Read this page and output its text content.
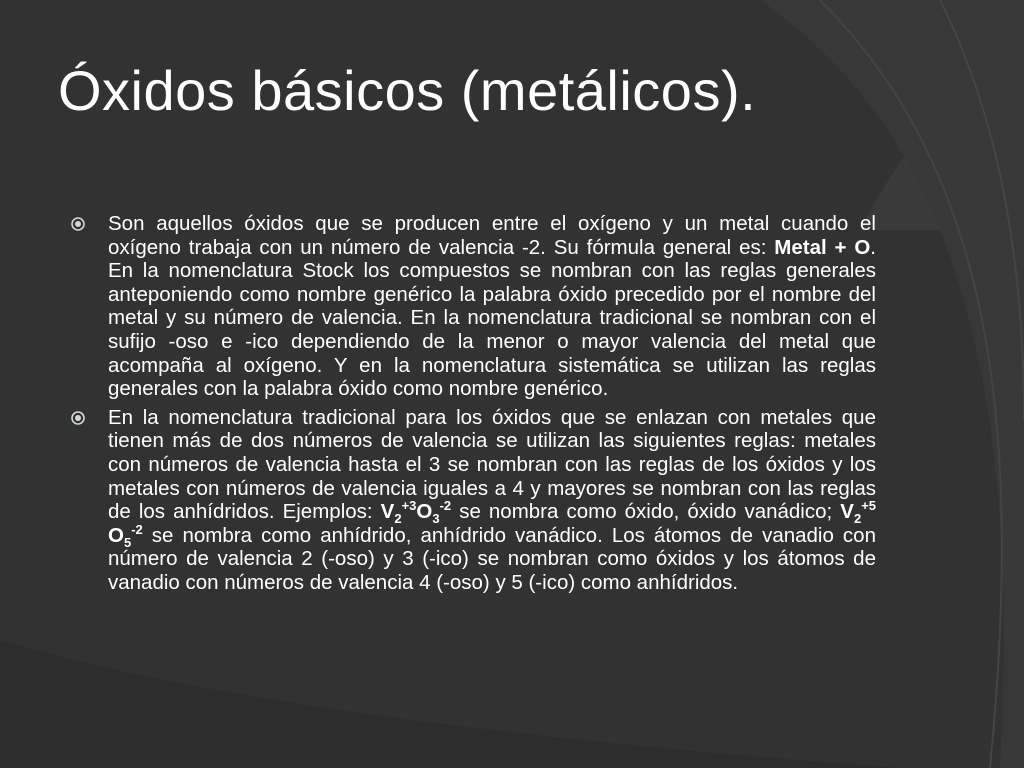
Óxidos básicos (metálicos).
Son aquellos óxidos que se producen entre el oxígeno y un metal cuando el oxígeno trabaja con un número de valencia -2. Su fórmula general es: Metal + O. En la nomenclatura Stock los compuestos se nombran con las reglas generales anteponiendo como nombre genérico la palabra óxido precedido por el nombre del metal y su número de valencia. En la nomenclatura tradicional se nombran con el sufijo -oso e -ico dependiendo de la menor o mayor valencia del metal que acompaña al oxígeno. Y en la nomenclatura sistemática se utilizan las reglas generales con la palabra óxido como nombre genérico.
En la nomenclatura tradicional para los óxidos que se enlazan con metales que tienen más de dos números de valencia se utilizan las siguientes reglas: metales con números de valencia hasta el 3 se nombran con las reglas de los óxidos y los metales con números de valencia iguales a 4 y mayores se nombran con las reglas de los anhídridos. Ejemplos: $V_2^{+3}O_3^{-2}$ se nombra como óxido, óxido vanádico; $V_2^{+5}$ $O_5^{-2}$ se nombra como anhídrido, anhídrido vanádico. Los átomos de vanadio con número de valencia 2 (-oso) y 3 (-ico) se nombran como óxidos y los átomos de vanadio con números de valencia 4 (-oso) y 5 (-ico) como anhídridos.
